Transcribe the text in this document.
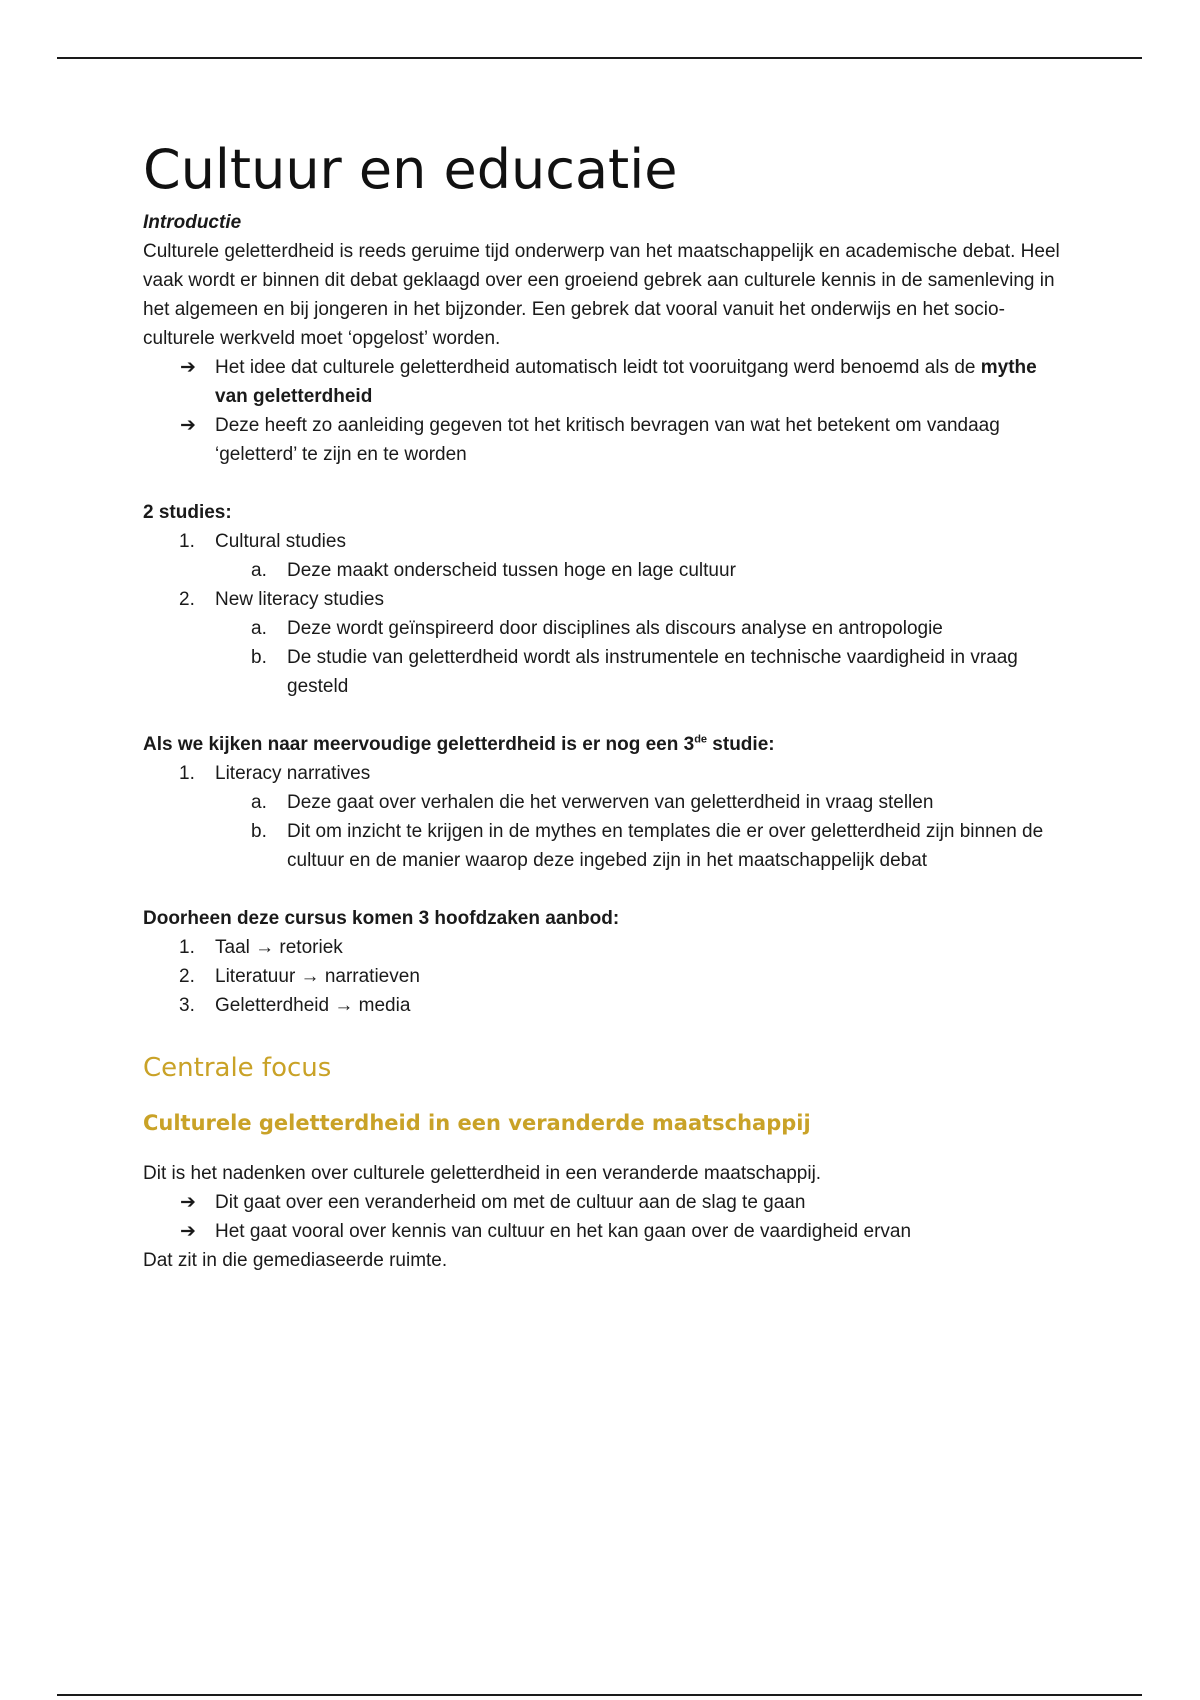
Cultuur en educatie

Introductie

Culturele geletterdheid is reeds geruime tijd onderwerp van het maatschappelijk en academische debat. Heel vaak wordt er binnen dit debat geklaagd over een groeiend gebrek aan culturele kennis in de samenleving in het algemeen en bij jongeren in het bijzonder. Een gebrek dat vooral vanuit het onderwijs en het socio-culturele werkveld moet ‘opgelost’ worden.

➔ Het idee dat culturele geletterdheid automatisch leidt tot vooruitgang werd benoemd als de mythe van geletterdheid
➔ Deze heeft zo aanleiding gegeven tot het kritisch bevragen van wat het betekent om vandaag ‘geletterd’ te zijn en te worden

2 studies:

1. Cultural studies
a. Deze maakt onderscheid tussen hoge en lage cultuur
2. New literacy studies
a. Deze wordt geïnspireerd door disciplines als discours analyse en antropologie
b. De studie van geletterdheid wordt als instrumentele en technische vaardigheid in vraag gesteld

Als we kijken naar meervoudige geletterdheid is er nog een 3de studie:

1. Literacy narratives
a. Deze gaat over verhalen die het verwerven van geletterdheid in vraag stellen
b. Dit om inzicht te krijgen in de mythes en templates die er over geletterdheid zijn binnen de cultuur en de manier waarop deze ingebed zijn in het maatschappelijk debat

Doorheen deze cursus komen 3 hoofdzaken aanbod:

1. Taal → retoriek
2. Literatuur → narratieven
3. Geletterdheid → media
Centrale focus
Culturele geletterdheid in een veranderde maatschappij

Dit is het nadenken over culturele geletterdheid in een veranderde maatschappij.

➔ Dit gaat over een veranderheid om met de cultuur aan de slag te gaan
➔ Het gaat vooral over kennis van cultuur en het kan gaan over de vaardigheid ervan

Dat zit in die gemediaseerde ruimte.
